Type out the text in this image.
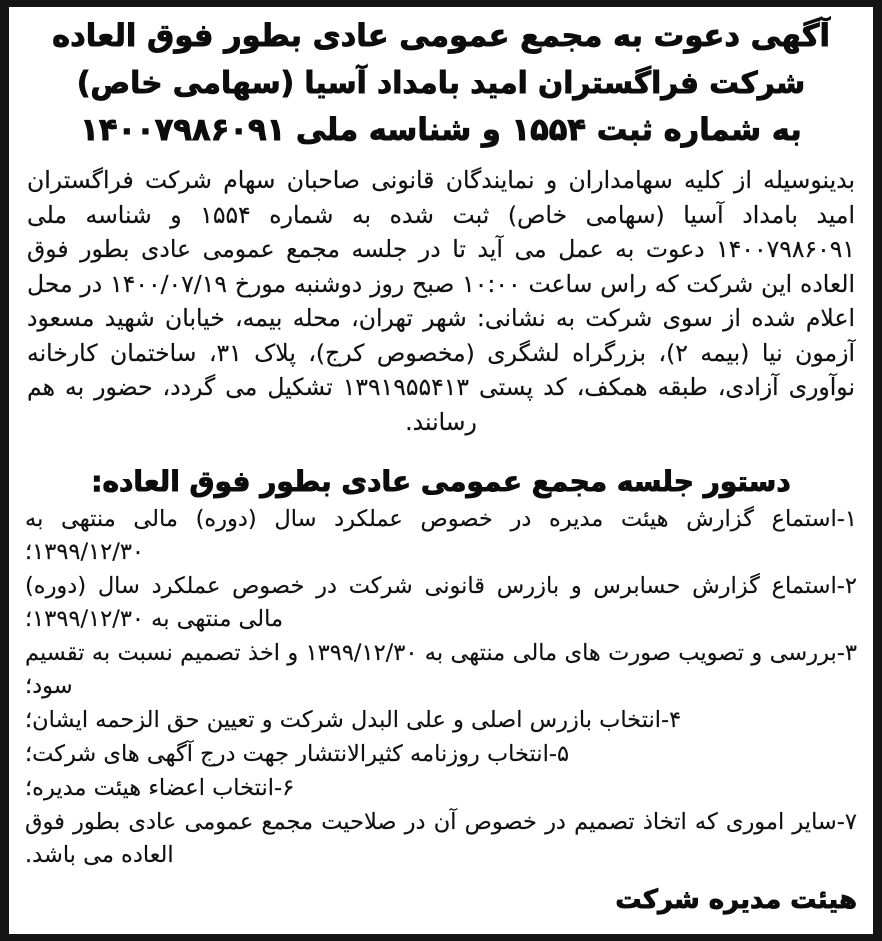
آگهی دعوت به مجمع عمومی عادی بطور فوق العاده
شرکت فراگستران امید بامداد آسیا (سهامی خاص)
به شماره ثبت ۱۵۵۴ و شناسه ملی ۱۴۰۰۷۹۸۶۰۹۱

بدینوسیله از کلیه سهامداران و نمایندگان قانونی صاحبان سهام شرکت فراگستران امید بامداد آسیا (سهامی خاص) ثبت شده به شماره ۱۵۵۴ و شناسه ملی ۱۴۰۰۷۹۸۶۰۹۱ دعوت به عمل می آید تا در جلسه مجمع عمومی عادی بطور فوق العاده این شرکت که راس ساعت ۱۰:۰۰ صبح روز دوشنبه مورخ ۱۴۰۰/۰۷/۱۹ در محل اعلام شده از سوی شرکت به نشانی: شهر تهران، محله بیمه، خیابان شهید مسعود آزمون نیا (بیمه ۲)، بزرگراه لشگری (مخصوص کرج)، پلاک ۳۱، ساختمان کارخانه نوآوری آزادی، طبقه همکف، کد پستی ۱۳۹۱۹۵۵۴۱۳ تشکیل می گردد، حضور به هم رسانند.

دستور جلسه مجمع عمومی عادی بطور فوق العاده:
۱-استماع گزارش هیئت مدیره در خصوص عملکرد سال (دوره) مالی منتهی به ۱۳۹۹/۱۲/۳۰؛
۲-استماع گزارش حسابرس و بازرس قانونی شرکت در خصوص عملکرد سال (دوره) مالی منتهی به ۱۳۹۹/۱۲/۳۰؛
۳-بررسی و تصویب صورت های مالی منتهی به ۱۳۹۹/۱۲/۳۰ و اخذ تصمیم نسبت به تقسیم سود؛
۴-انتخاب بازرس اصلی و علی البدل شرکت و تعیین حق الزحمه ایشان؛
۵-انتخاب روزنامه کثیرالانتشار جهت درج آگهی های شرکت؛
۶-انتخاب اعضاء هیئت مدیره؛
۷-سایر اموری که اتخاذ تصمیم در خصوص آن در صلاحیت مجمع عمومی عادی بطور فوق العاده می باشد.
هیئت مدیره شرکت
